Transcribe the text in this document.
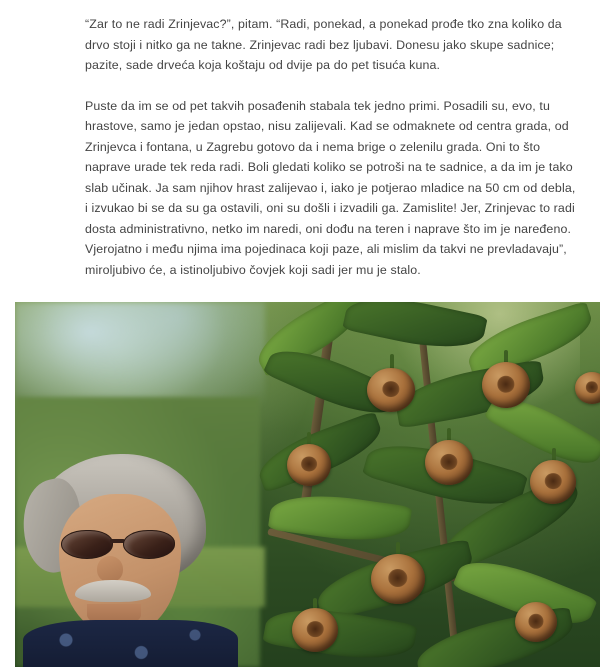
“Zar to ne radi Zrinjevac?”, pitam. “Radi, ponekad, a ponekad prođe tko zna koliko da drvo stoji i nitko ga ne takne. Zrinjevac radi bez ljubavi. Donesu jako skupe sadnice; pazite, sade drveća koja koštaju od dvije pa do pet tisuća kuna.

Puste da im se od pet takvih posađenih stabala tek jedno primi. Posadili su, evo, tu hrastove, samo je jedan opstao, nisu zalijevali. Kad se odmaknete od centra grada, od Zrinjevca i fontana, u Zagrebu gotovo da i nema brige o zelenilu grada. Oni to što naprave urade tek reda radi. Boli gledati koliko se potroši na te sadnice, a da im je tako slab učinak. Ja sam njihov hrast zalijevao i, iako je potjerao mladice na 50 cm od debla, i izvukao bi se da su ga ostavili, oni su došli i izvadili ga. Zamislite! Jer, Zrinjevac to radi dosta administrativno, netko im naredi, oni dođu na teren i naprave što im je naređeno. Vjerojatno i među njima ima pojedinaca koji paze, ali mislim da takvi ne prevladavaju”, miroljubivo će, a istinoljubivo čovjek koji sadi jer mu je stalo.
